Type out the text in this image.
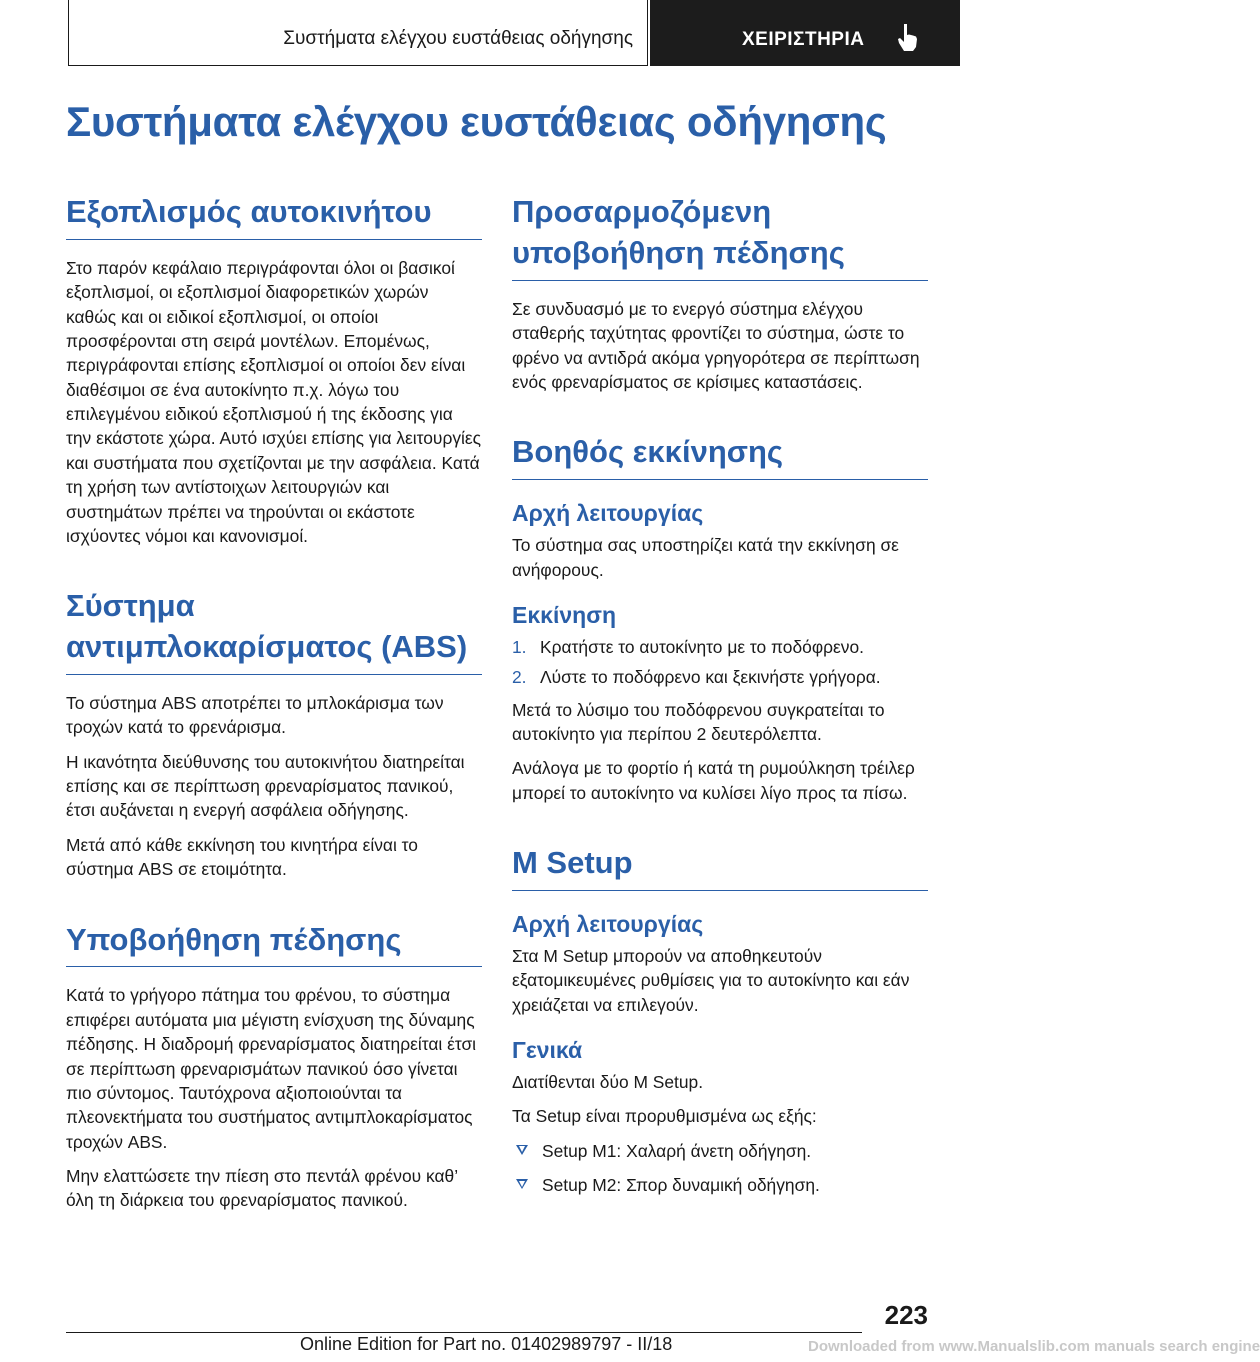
Συστήματα ελέγχου ευστάθειας οδήγησης	ΧΕΙΡΙΣΤΗΡΙΑ
Συστήματα ελέγχου ευστάθειας οδήγησης
Εξοπλισμός αυτοκινήτου

Στο παρόν κεφάλαιο περιγράφονται όλοι οι βασικοί εξοπλισμοί, οι εξοπλισμοί διαφορετικών χωρών καθώς και οι ειδικοί εξοπλισμοί, οι οποίοι προσφέρονται στη σειρά μοντέλων. Επομένως, περιγράφονται επίσης εξοπλισμοί οι οποίοι δεν είναι διαθέσιμοι σε ένα αυτοκίνητο π.χ. λόγω του επιλεγμένου ειδικού εξοπλισμού ή της έκδοσης για την εκάστοτε χώρα. Αυτό ισχύει επίσης για λειτουργίες και συστήματα που σχετίζονται με την ασφάλεια. Κατά τη χρήση των αντίστοιχων λειτουργιών και συστημάτων πρέπει να τηρούνται οι εκάστοτε ισχύοντες νόμοι και κανονισμοί.

Σύστημα
αντιμπλοκαρίσματος (ABS)

Το σύστημα ABS αποτρέπει το μπλοκάρισμα των τροχών κατά το φρενάρισμα.

Η ικανότητα διεύθυνσης του αυτοκινήτου διατηρείται επίσης και σε περίπτωση φρεναρίσματος πανικού, έτσι αυξάνεται η ενεργή ασφάλεια οδήγησης.

Μετά από κάθε εκκίνηση του κινητήρα είναι το σύστημα ABS σε ετοιμότητα.

Υποβοήθηση πέδησης

Κατά το γρήγορο πάτημα του φρένου, το σύστημα επιφέρει αυτόματα μια μέγιστη ενίσχυση της δύναμης πέδησης. Η διαδρομή φρεναρίσματος διατηρείται έτσι σε περίπτωση φρεναρισμάτων πανικού όσο γίνεται πιο σύντομος. Ταυτόχρονα αξιοποιούνται τα πλεονεκτήματα του συστήματος αντιμπλοκαρίσματος τροχών ABS.

Μην ελαττώσετε την πίεση στο πεντάλ φρένου καθ’ όλη τη διάρκεια του φρεναρίσματος πανικού.

Προσαρμοζόμενη
υποβοήθηση πέδησης

Σε συνδυασμό με το ενεργό σύστημα ελέγχου σταθερής ταχύτητας φροντίζει το σύστημα, ώστε το φρένο να αντιδρά ακόμα γρηγορότερα σε περίπτωση ενός φρεναρίσματος σε κρίσιμες καταστάσεις.

Βοηθός εκκίνησης
Αρχή λειτουργίας

Το σύστημα σας υποστηρίζει κατά την εκκίνηση σε ανήφορους.

Εκκίνηση
1. Κρατήστε το αυτοκίνητο με το ποδόφρενο.
2. Λύστε το ποδόφρενο και ξεκινήστε γρήγορα.

Μετά το λύσιμο του ποδόφρενου συγκρατείται το αυτοκίνητο για περίπου 2 δευτερόλεπτα.

Ανάλογα με το φορτίο ή κατά τη ρυμούλκηση τρέιλερ μπορεί το αυτοκίνητο να κυλίσει λίγο προς τα πίσω.

M Setup
Αρχή λειτουργίας

Στα M Setup μπορούν να αποθηκευτούν εξατομικευμένες ρυθμίσεις για το αυτοκίνητο και εάν χρειάζεται να επιλεγούν.

Γενικά

Διατίθενται δύο M Setup.

Τα Setup είναι προρυθμισμένα ως εξής:

Setup M1: Χαλαρή άνετη οδήγηση.
Setup M2: Σπορ δυναμική οδήγηση.
223
Online Edition for Part no. 01402989797 - II/18	Downloaded from www.Manualslib.com manuals search engine
